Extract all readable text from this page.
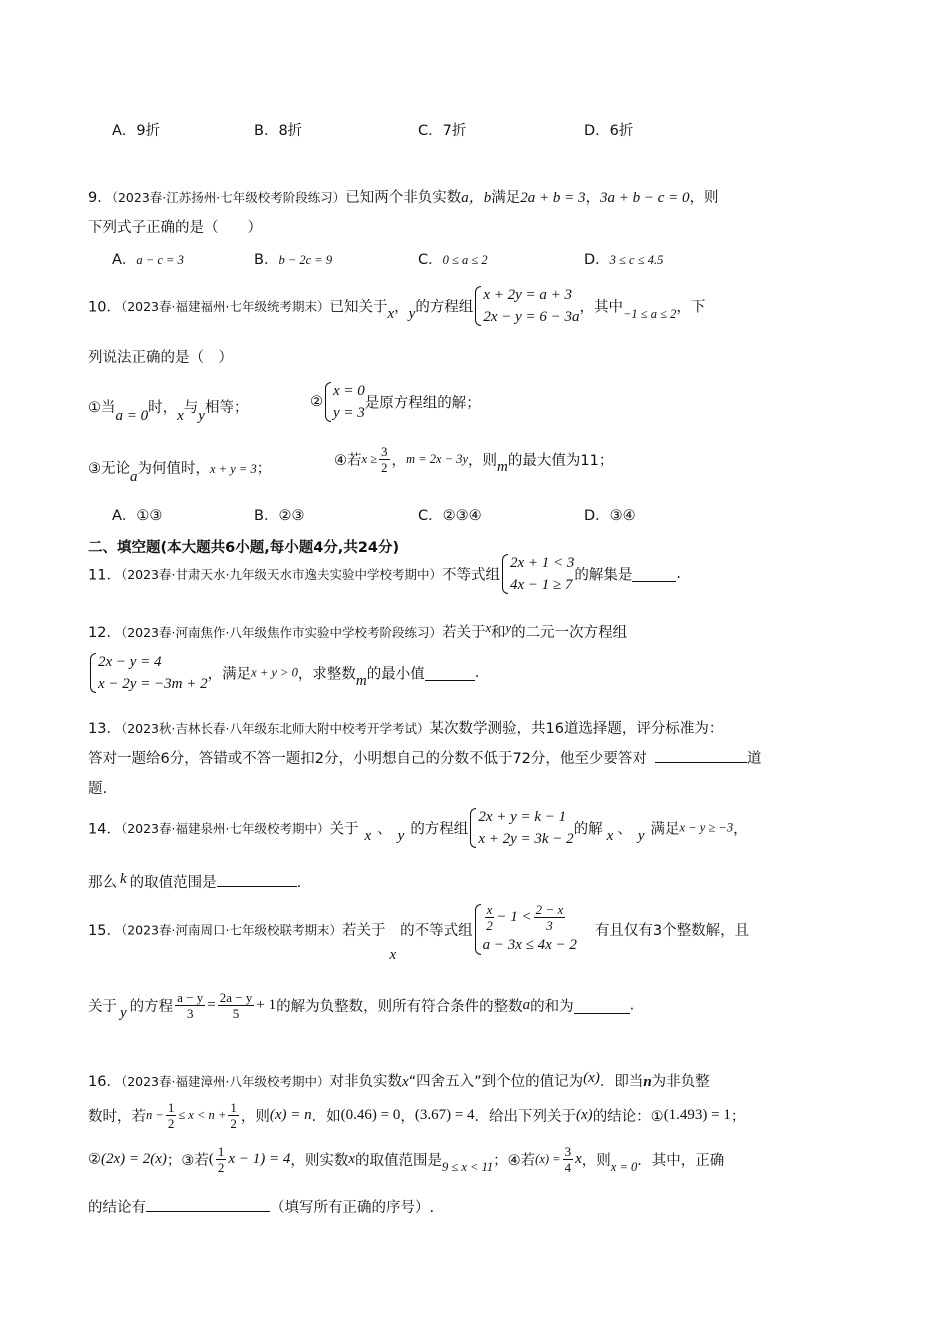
A．9折	B．8折	C．7折	D．6折
9．（2023春·江苏扬州·七年级校考阶段练习）已知两个非负实数a，b满足2a + b = 3，3a + b − c = 0，则
下列式子正确的是（　　）
A．a − c = 3	B．b − 2c = 9	C．0 ≤ a ≤ 2	D．3 ≤ c ≤ 4.5
10．（2023春·福建福州·七年级统考期末）已知关于x，y的方程组x + 2y = a + 3
2x − y = 6 − 3a，其中−1 ≤ a ≤ 2，下
列说法正确的是（　）
①当a = 0时，x与y相等；	②x = 0
y = 3是原方程组的解；
③无论a为何值时，x + y = 3；	④若$x \ge \frac{3}{2}$ ，m = 2x − 3y，则m的最大值为11；
A．①③	B．②③	C．②③④	D．③④
二、填空题(本大题共6小题,每小题4分,共24分)
11．（2023春·甘肃天水·九年级天水市逸夫实验中学校考期中）不等式组2x + 1 < 3
4x − 1 ≥ 7的解集是	.
12．（2023春·河南焦作·八年级焦作市实验中学校考阶段练习）若关于x和y的二元一次方程组
2x − y = 4
x − 2y = −3m + 2，满足x + y > 0，求整数m的最小值	.
13．（2023秋·吉林长春·八年级东北师大附中校考开学考试）某次数学测验，共16道选择题，评分标准为：
答对一题给6分，答错或不答一题扣2分，小明想自己的分数不低于72分，他至少要答对	道
题.
14．（2023春·福建泉州·七年级校考期中）关于 x 、 y 的方程组2x + y = k − 1
x + 2y = 3k − 2的解 x 、 y 满足x − y ≥ −3，
那么 k 的取值范围是	.
15．（2023春·河南周口·七年级校联考期末）若关于x的不等式组 $\frac{x}{2} - 1 < \frac{2 - x}{3}$

a − 3x ≤ 4x − 2有且仅有3个整数解，且
关于 y 的方程 $\frac{a - y}{3} = \frac{2a - y}{5} + 1$的解为负整数，则所有符合条件的整数a的和为	.
16．（2023春·福建漳州·八年级校考期中）对非负实数x“四舍五入”到个位的值记为(x)．即当n为非负整
数时，若$n - \frac{1}{2} \le x < n + \frac{1}{2}$ ，则(x) = n．如(0.46) = 0，(3.67) = 4．给出下列关于(x)的结论：①(1.493) = 1；
②(2x) = 2(x)；③若( $\frac{1}{2}$ x − 1) = 4，则实数x的取值范围是9 ≤ x < 11；④若$(x) = \frac{3}{4}$ x，则x = 0．其中，正确
的结论有	（填写所有正确的序号）.
